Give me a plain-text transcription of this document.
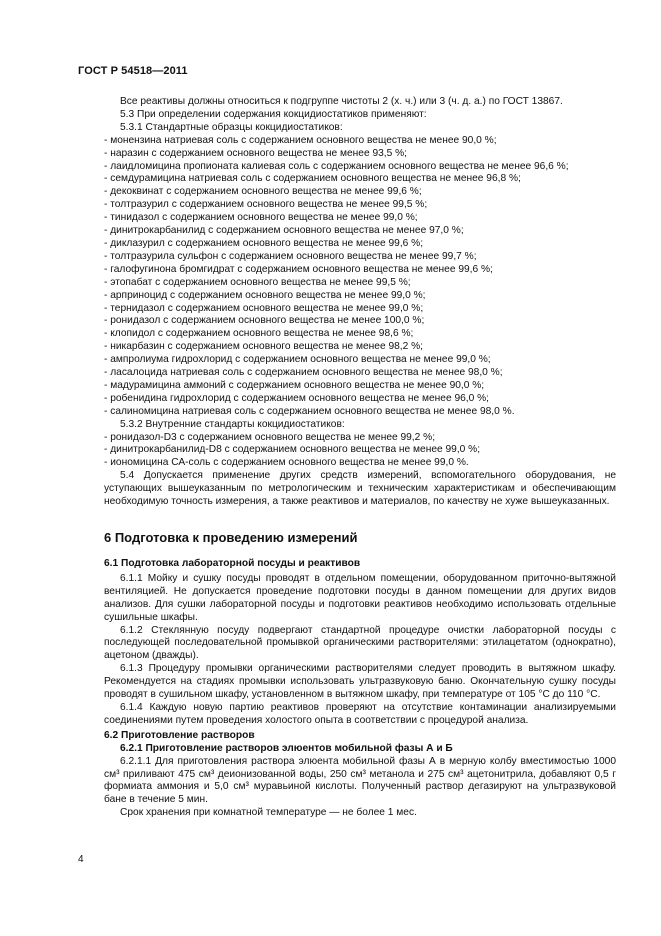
ГОСТ Р 54518—2011

Все реактивы должны относиться к подгруппе чистоты 2 (х. ч.) или 3 (ч. д. а.) по ГОСТ 13867.

5.3 При определении содержания кокцидиостатиков применяют:

5.3.1 Стандартные образцы кокцидиостатиков:

- монензина натриевая соль с содержанием основного вещества не менее 90,0 %;

- наразин с содержанием основного вещества не менее 93,5 %;

- лаидломицина пропионата калиевая соль с содержанием основного вещества не менее 96,6 %;

- семдурамицина натриевая соль с содержанием основного вещества не менее 96,8 %;

- декоквинат с содержанием основного вещества не менее 99,6 %;

- толтразурил с содержанием основного вещества не менее 99,5 %;

- тинидазол с содержанием основного вещества не менее 99,0 %;

- динитрокарбанилид с содержанием основного вещества не менее 97,0 %;

- диклазурил с содержанием основного вещества не менее 99,6 %;

- толтразурила сульфон с содержанием основного вещества не менее 99,7 %;

- галофугинона бромгидрат с содержанием основного вещества не менее 99,6 %;

- этопабат с содержанием основного вещества не менее 99,5 %;

- арприноцид с содержанием основного вещества не менее 99,0 %;

- тернидазол с содержанием основного вещества не менее 99,0 %;

- ронидазол с содержанием основного вещества не менее 100,0 %;

- клопидол с содержанием основного вещества не менее 98,6 %;

- никарбазин с содержанием основного вещества не менее 98,2 %;

- ампролиума гидрохлорид с содержанием основного вещества не менее 99,0 %;

- ласалоцида натриевая соль с содержанием основного вещества не менее 98,0 %;

- мадурамицина аммоний с содержанием основного вещества не менее 90,0 %;

- робенидина гидрохлорид с содержанием основного вещества не менее 96,0 %;

- салиномицина натриевая соль с содержанием основного вещества не менее 98,0 %.

5.3.2 Внутренние стандарты кокцидиостатиков:

- ронидазол-D3 с содержанием основного вещества не менее 99,2 %;

- динитрокарбанилид-D8 с содержанием основного вещества не менее 99,0 %;

- иономицина СА-соль с содержанием основного вещества не менее 99,0 %.

5.4 Допускается применение других средств измерений, вспомогательного оборудования, не уступающих вышеуказанным по метрологическим и техническим характеристикам и обеспечивающим необходимую точность измерения, а также реактивов и материалов, по качеству не хуже вышеуказанных.

6 Подготовка к проведению измерений

6.1 Подготовка лабораторной посуды и реактивов

6.1.1 Мойку и сушку посуды проводят в отдельном помещении, оборудованном приточно-вытяжной вентиляцией. Не допускается проведение подготовки посуды в данном помещении для других видов анализов. Для сушки лабораторной посуды и подготовки реактивов необходимо использовать отдельные сушильные шкафы.

6.1.2 Стеклянную посуду подвергают стандартной процедуре очистки лабораторной посуды с последующей последовательной промывкой органическими растворителями: этилацетатом (однократно), ацетоном (дважды).

6.1.3 Процедуру промывки органическими растворителями следует проводить в вытяжном шкафу. Рекомендуется на стадиях промывки использовать ультразвуковую баню. Окончательную сушку посуды проводят в сушильном шкафу, установленном в вытяжном шкафу, при температуре от 105 °С до 110 °С.

6.1.4 Каждую новую партию реактивов проверяют на отсутствие контаминации анализируемыми соединениями путем проведения холостого опыта в соответствии с процедурой анализа.

6.2 Приготовление растворов

6.2.1 Приготовление растворов элюентов мобильной фазы А и Б

6.2.1.1 Для приготовления раствора элюента мобильной фазы А в мерную колбу вместимостью 1000 см³ приливают 475 см³ деионизованной воды, 250 см³ метанола и 275 см³ ацетонитрила, добавляют 0,5 г формиата аммония и 5,0 см³ муравьиной кислоты. Полученный раствор дегазируют на ультразвуковой бане в течение 5 мин.

Срок хранения при комнатной температуре — не более 1 мес.

4
